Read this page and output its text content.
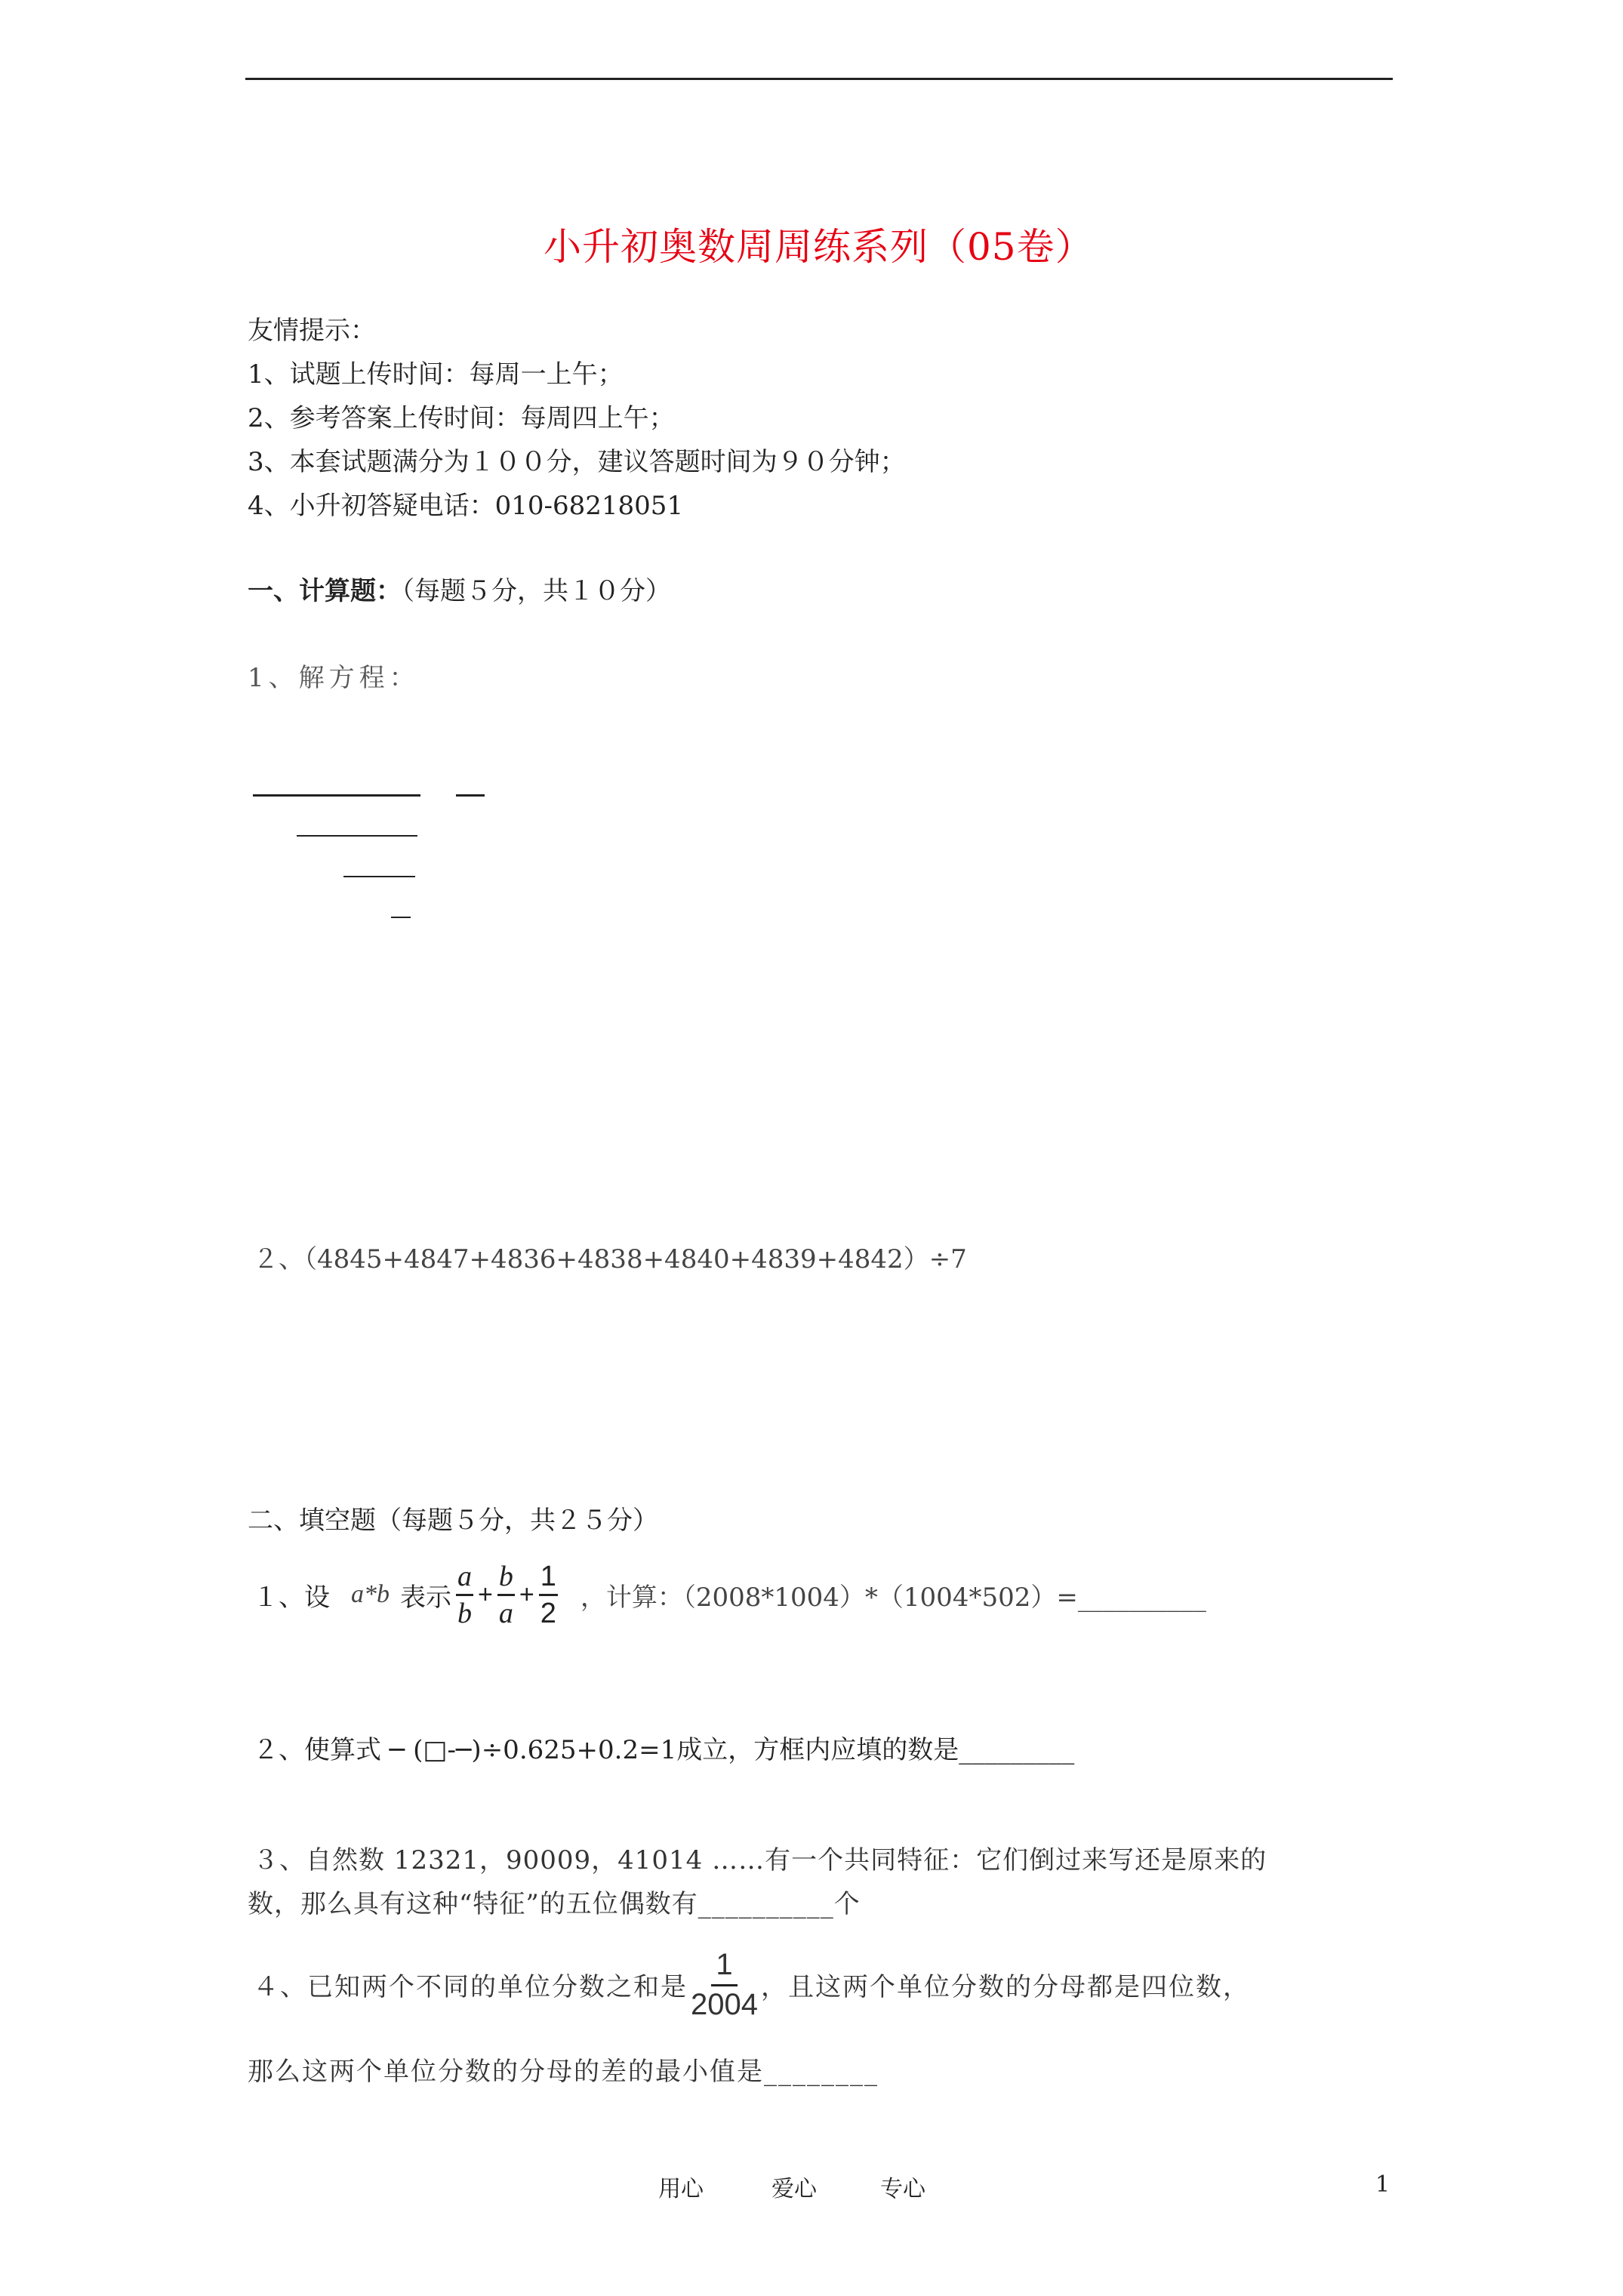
小升初奥数周周练系列（05卷）
友情提示：
1、试题上传时间：每周一上午；
2、参考答案上传时间：每周四上午；
3、本套试题满分为１００分，建议答题时间为９０分钟；
4、小升初答疑电话：010-68218051
一、计算题：（每题５分，共１０分）
1、解方程：
２、（4845+4847+4836+4838+4840+4839+4842）÷7
二、填空题（每题５分，共２５分）
１、设 a*b 表示 $\frac{a}{b} + \frac{b}{a} + \frac{1}{2}$ ，计算：（2008*1004）*（1004*502）=__________
２、使算式 ─ (□-─)÷0.625+0.2=1成立，方框内应填的数是_________
３、自然数 12321，90009，41014 ……有一个共同特征：它们倒过来写还是原来的
数，那么具有这种“特征”的五位偶数有__________个
４、已知两个不同的单位分数之和是 $\frac{1}{2004}$ ，且这两个单位分数的分母都是四位数，
那么这两个单位分数的分母的差的最小值是________
用心	爱心	专心	1
